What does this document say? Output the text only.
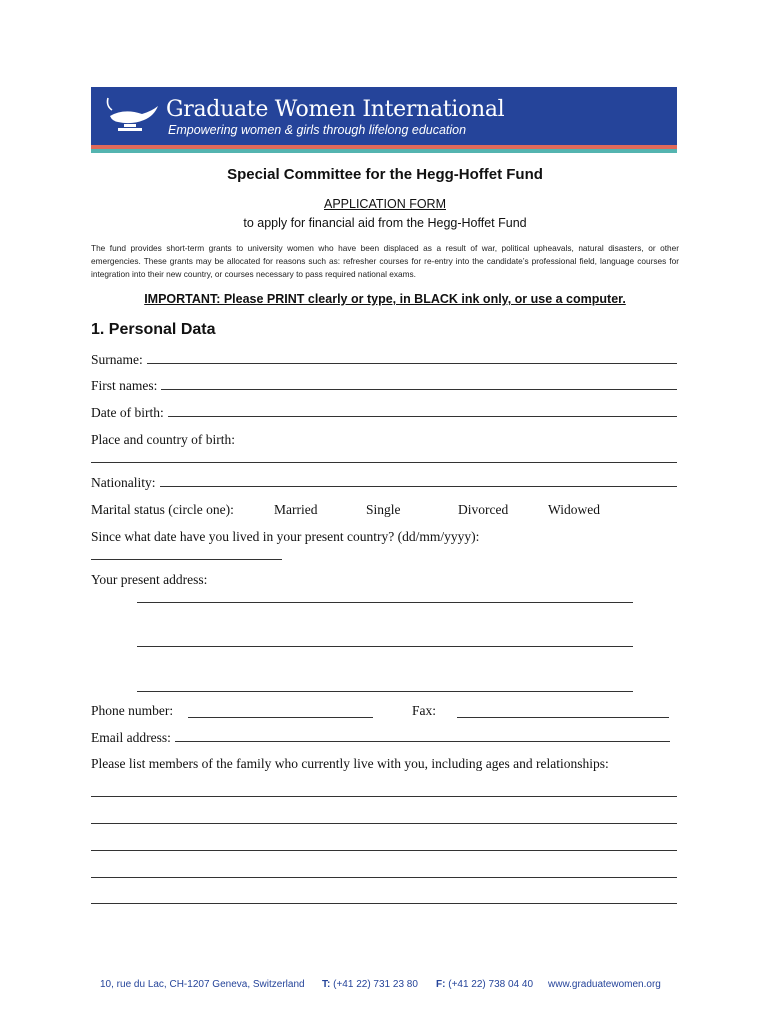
Graduate Women International
Empowering women & girls through lifelong education
Special Committee for the Hegg-Hoffet Fund
APPLICATION FORM
to apply for financial aid from the Hegg-Hoffet Fund
The fund provides short-term grants to university women who have been displaced as a result of war, political upheavals, natural disasters, or other emergencies. These grants may be allocated for reasons such as: refresher courses for re-entry into the candidate’s professional field, language courses for integration into their new country, or courses necessary to pass required national exams.
IMPORTANT: Please PRINT clearly or type, in BLACK ink only, or use a computer.
1. Personal Data
Surname:
First names:
Date of birth:
Place and country of birth:
Nationality:
Marital status (circle one):	Married	Single	Divorced	Widowed
Since what date have you lived in your present country? (dd/mm/yyyy):
Your present address:
Phone number:	Fax:
Email address:
Please list members of the family who currently live with you, including ages and relationships:
10, rue du Lac, CH-1207 Geneva, Switzerland T: (+41 22) 731 23 80 F: (+41 22) 738 04 40 www.graduatewomen.org
